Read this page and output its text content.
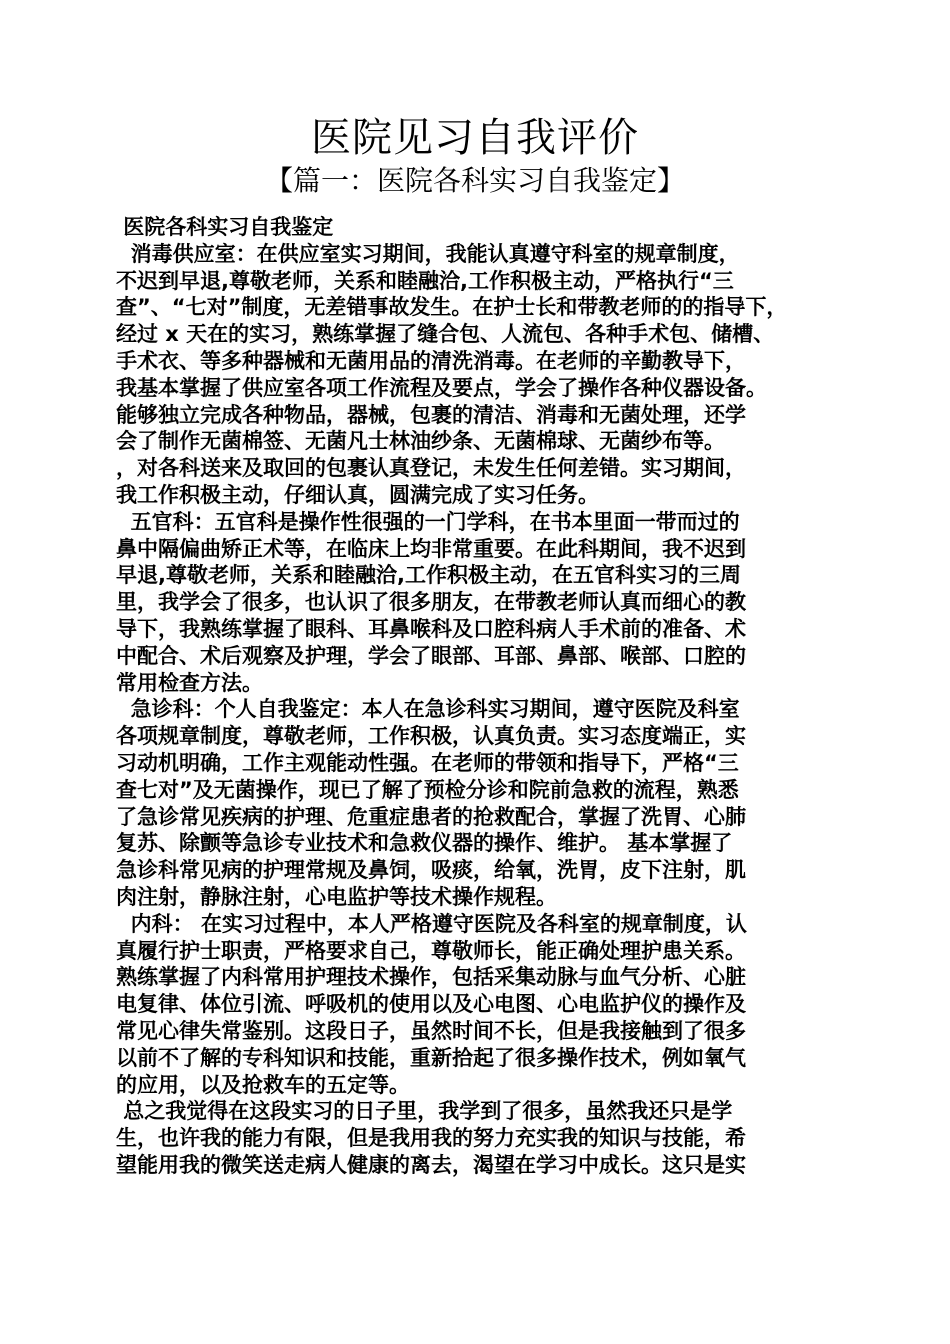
医院见习自我评价
【篇一：医院各科实习自我鉴定】
医院各科实习自我鉴定
消毒供应室：在供应室实习期间，我能认真遵守科室的规章制度，
不迟到早退,尊敬老师，关系和睦融洽,工作积极主动，严格执行“三
查”、“七对”制度，无差错事故发生。在护士长和带教老师的的指导下，
经过 x 天在的实习，熟练掌握了缝合包、人流包、各种手术包、储槽、
手术衣、等多种器械和无菌用品的清洗消毒。在老师的辛勤教导下，
我基本掌握了供应室各项工作流程及要点，学会了操作各种仪器设备。
能够独立完成各种物品，器械，包裹的清洁、消毒和无菌处理，还学
会了制作无菌棉签、无菌凡士林油纱条、无菌棉球、无菌纱布等。
，对各科送来及取回的包裹认真登记，未发生任何差错。实习期间，
我工作积极主动，仔细认真，圆满完成了实习任务。
五官科：五官科是操作性很强的一门学科，在书本里面一带而过的
鼻中隔偏曲矫正术等，在临床上均非常重要。在此科期间，我不迟到
早退,尊敬老师，关系和睦融洽,工作积极主动，在五官科实习的三周
里，我学会了很多，也认识了很多朋友，在带教老师认真而细心的教
导下，我熟练掌握了眼科、耳鼻喉科及口腔科病人手术前的准备、术
中配合、术后观察及护理，学会了眼部、耳部、鼻部、喉部、口腔的
常用检查方法。
急诊科：个人自我鉴定：本人在急诊科实习期间，遵守医院及科室
各项规章制度，尊敬老师，工作积极，认真负责。实习态度端正，实
习动机明确，工作主观能动性强。在老师的带领和指导下，严格“三
查七对”及无菌操作，现已了解了预检分诊和院前急救的流程，熟悉
了急诊常见疾病的护理、危重症患者的抢救配合，掌握了洗胃、心肺
复苏、除颤等急诊专业技术和急救仪器的操作、维护。 基本掌握了
急诊科常见病的护理常规及鼻饲，吸痰，给氧，洗胃，皮下注射，肌
肉注射，静脉注射，心电监护等技术操作规程。
内科： 在实习过程中，本人严格遵守医院及各科室的规章制度，认
真履行护士职责，严格要求自己，尊敬师长，能正确处理护患关系。
熟练掌握了内科常用护理技术操作，包括采集动脉与血气分析、心脏
电复律、体位引流、呼吸机的使用以及心电图、心电监护仪的操作及
常见心律失常鉴别。这段日子，虽然时间不长，但是我接触到了很多
以前不了解的专科知识和技能，重新拾起了很多操作技术，例如氧气
的应用，以及抢救车的五定等。
总之我觉得在这段实习的日子里，我学到了很多，虽然我还只是学
生，也许我的能力有限，但是我用我的努力充实我的知识与技能，希
望能用我的微笑送走病人健康的离去，渴望在学习中成长。这只是实
